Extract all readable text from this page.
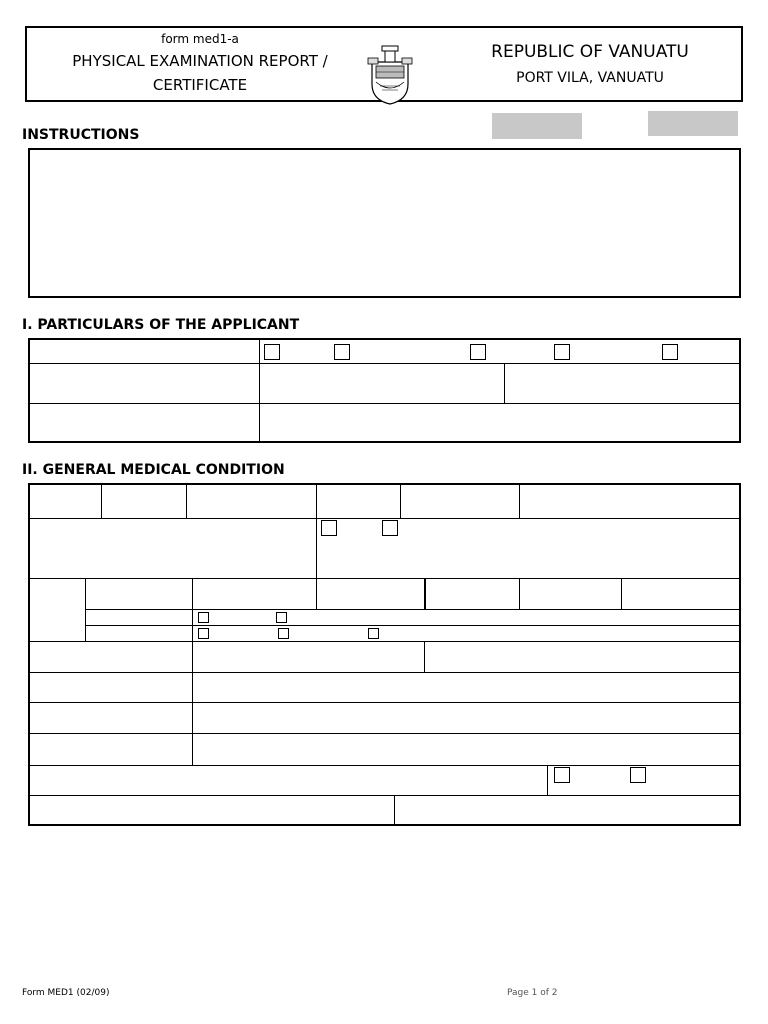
form med1-a
PHYSICAL EXAMINATION REPORT /
CERTIFICATE
REPUBLIC OF VANUATU
PORT VILA, VANUATU
INSTRUCTIONS
I. PARTICULARS OF THE APPLICANT
II. GENERAL MEDICAL CONDITION
Form MED1 (02/09)	Page 1 of 2
